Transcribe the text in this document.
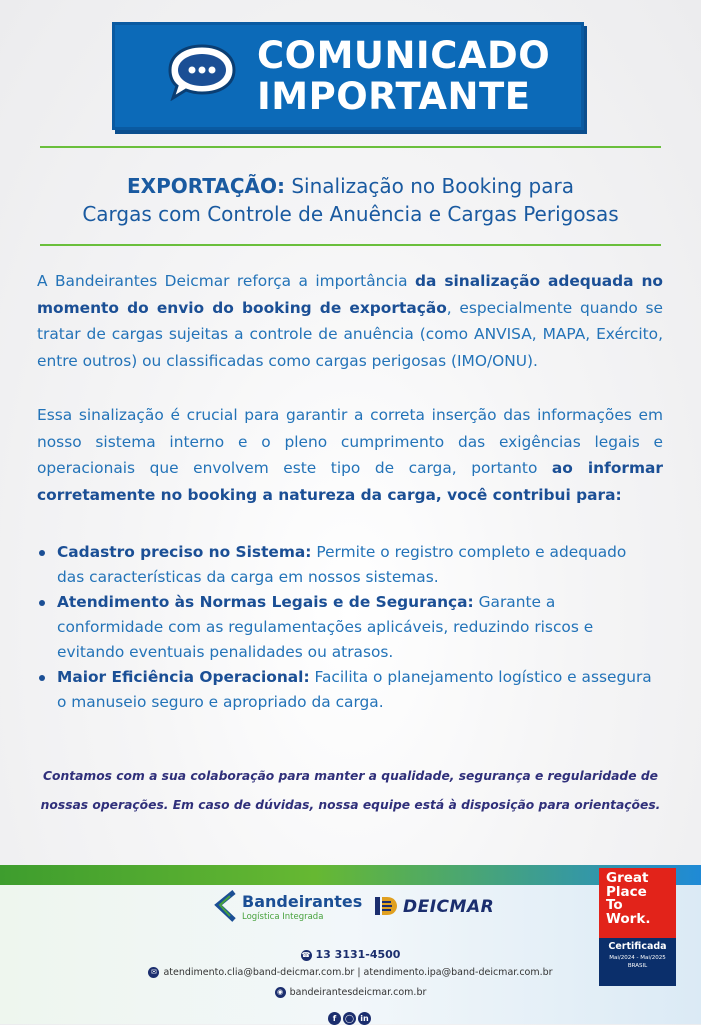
COMUNICADO
IMPORTANTE
EXPORTAÇÃO: Sinalização no Booking para
Cargas com Controle de Anuência e Cargas Perigosas
A Bandeirantes Deicmar reforça a importância da sinalização adequada no momento do envio do booking de exportação, especialmente quando se tratar de cargas sujeitas a controle de anuência (como ANVISA, MAPA, Exército, entre outros) ou classificadas como cargas perigosas (IMO/ONU).
Essa sinalização é crucial para garantir a correta inserção das informações em nosso sistema interno e o pleno cumprimento das exigências legais e operacionais que envolvem este tipo de carga, portanto ao informar corretamente no booking a natureza da carga, você contribui para:
Cadastro preciso no Sistema: Permite o registro completo e adequado das características da carga em nossos sistemas.
Atendimento às Normas Legais e de Segurança: Garante a conformidade com as regulamentações aplicáveis, reduzindo riscos e evitando eventuais penalidades ou atrasos.
Maior Eficiência Operacional: Facilita o planejamento logístico e assegura o manuseio seguro e apropriado da carga.
Contamos com a sua colaboração para manter a qualidade, segurança e regularidade de
nossas operações. Em caso de dúvidas, nossa equipe está à disposição para orientações.
Bandeirantes
Logística Integrada	DEICMAR
☎ 13 3131-4500
✉ atendimento.clia@band-deicmar.com.br | atendimento.ipa@band-deicmar.com.br
◉ bandeirantesdeicmar.com.br
f ◯ in
Great
Place
To
Work.
Certificada
Mai/2024 - Mai/2025
BRASIL
